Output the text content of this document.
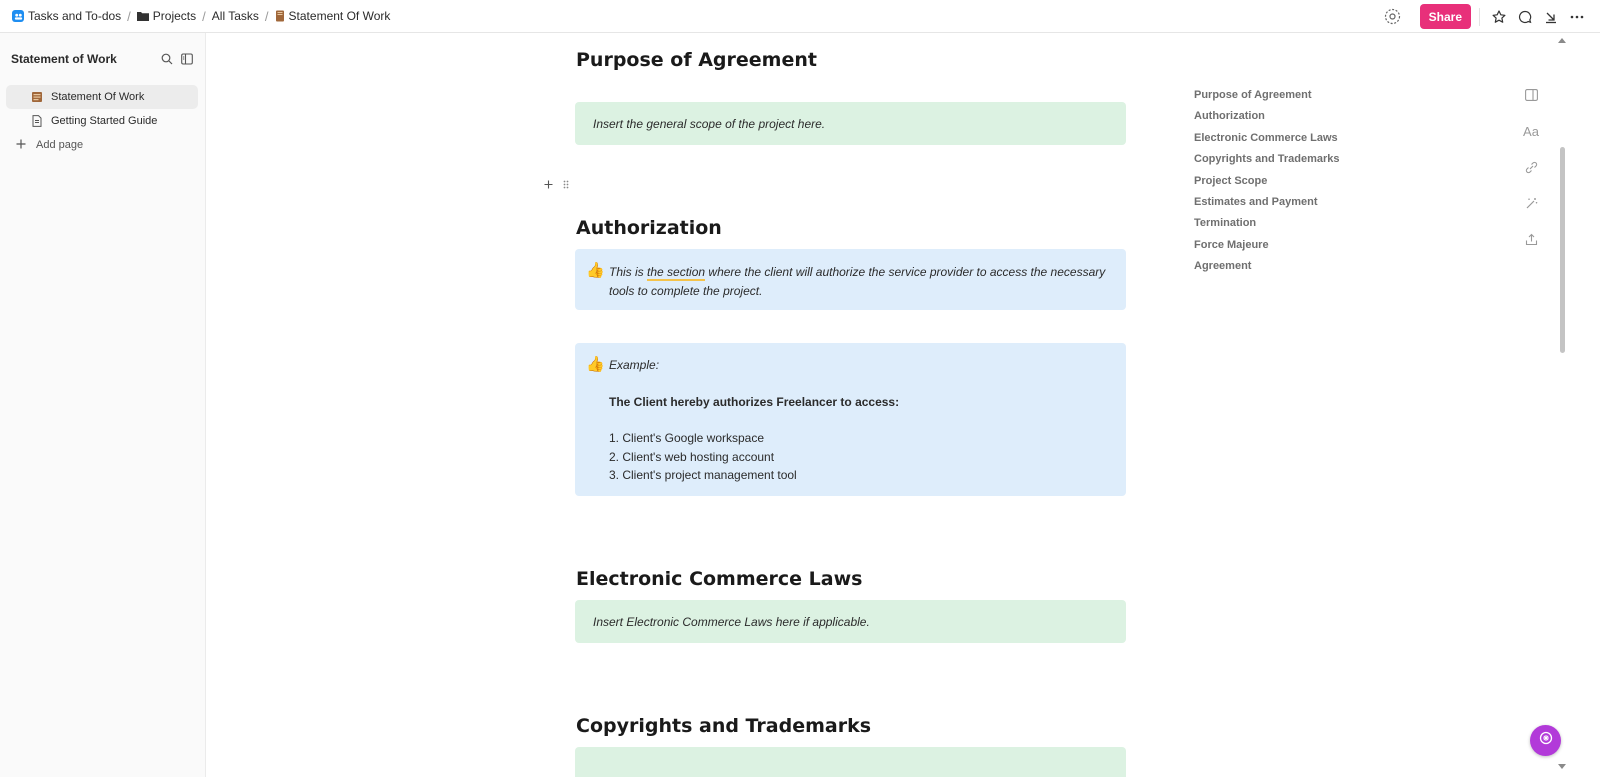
Tasks and To-dos / Projects / All Tasks / Statement Of Work	Share
Statement of Work
Statement Of Work
Getting Started Guide
Add page
Purpose of Agreement
Insert the general scope of the project here.
Authorization
👍 This is the section where the client will authorize the service provider to access the necessary
tools to complete the project.
👍 Example:
The Client hereby authorizes Freelancer to access:
1. Client's Google workspace
2. Client's web hosting account
3. Client's project management tool
Electronic Commerce Laws
Insert Electronic Commerce Laws here if applicable.
Copyrights and Trademarks
Purpose of Agreement
Authorization
Electronic Commerce Laws
Copyrights and Trademarks
Project Scope
Estimates and Payment
Termination
Force Majeure
Agreement
Aa
